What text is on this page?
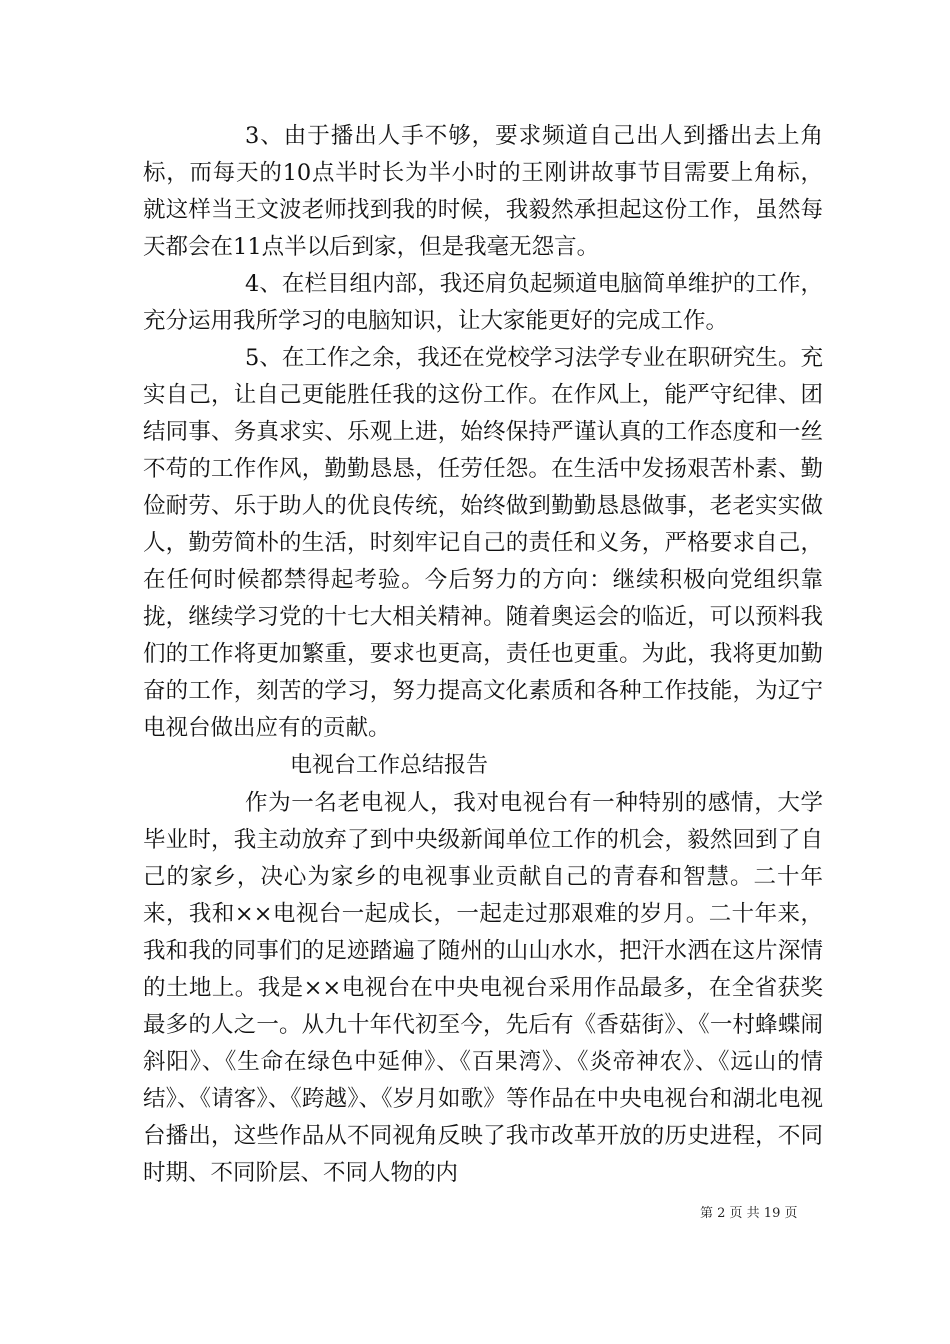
3、由于播出人手不够，要求频道自己出人到播出去上角标，而每天的10点半时长为半小时的王刚讲故事节目需要上角标，就这样当王文波老师找到我的时候，我毅然承担起这份工作，虽然每天都会在11点半以后到家，但是我毫无怨言。

4、在栏目组内部，我还肩负起频道电脑简单维护的工作，充分运用我所学习的电脑知识，让大家能更好的完成工作。

5、在工作之余，我还在党校学习法学专业在职研究生。充实自己，让自己更能胜任我的这份工作。在作风上，能严守纪律、团结同事、务真求实、乐观上进，始终保持严谨认真的工作态度和一丝不苟的工作作风，勤勤恳恳，任劳任怨。在生活中发扬艰苦朴素、勤俭耐劳、乐于助人的优良传统，始终做到勤勤恳恳做事，老老实实做人，勤劳简朴的生活，时刻牢记自己的责任和义务，严格要求自己，在任何时候都禁得起考验。今后努力的方向：继续积极向党组织靠拢，继续学习党的十七大相关精神。随着奥运会的临近，可以预料我们的工作将更加繁重，要求也更高，责任也更重。为此，我将更加勤奋的工作，刻苦的学习，努力提高文化素质和各种工作技能，为辽宁电视台做出应有的贡献。

电视台工作总结报告

作为一名老电视人，我对电视台有一种特别的感情，大学毕业时，我主动放弃了到中央级新闻单位工作的机会，毅然回到了自己的家乡，决心为家乡的电视事业贡献自己的青春和智慧。二十年来，我和××电视台一起成长，一起走过那艰难的岁月。二十年来，我和我的同事们的足迹踏遍了随州的山山水水，把汗水洒在这片深情的土地上。我是××电视台在中央电视台采用作品最多，在全省获奖最多的人之一。从九十年代初至今，先后有《香菇街》、《一村蜂蝶闹斜阳》、《生命在绿色中延伸》、《百果湾》、《炎帝神农》、《远山的情结》、《请客》、《跨越》、《岁月如歌》等作品在中央电视台和湖北电视台播出，这些作品从不同视角反映了我市改革开放的历史进程，不同时期、不同阶层、不同人物的内

第 2 页 共 19 页
